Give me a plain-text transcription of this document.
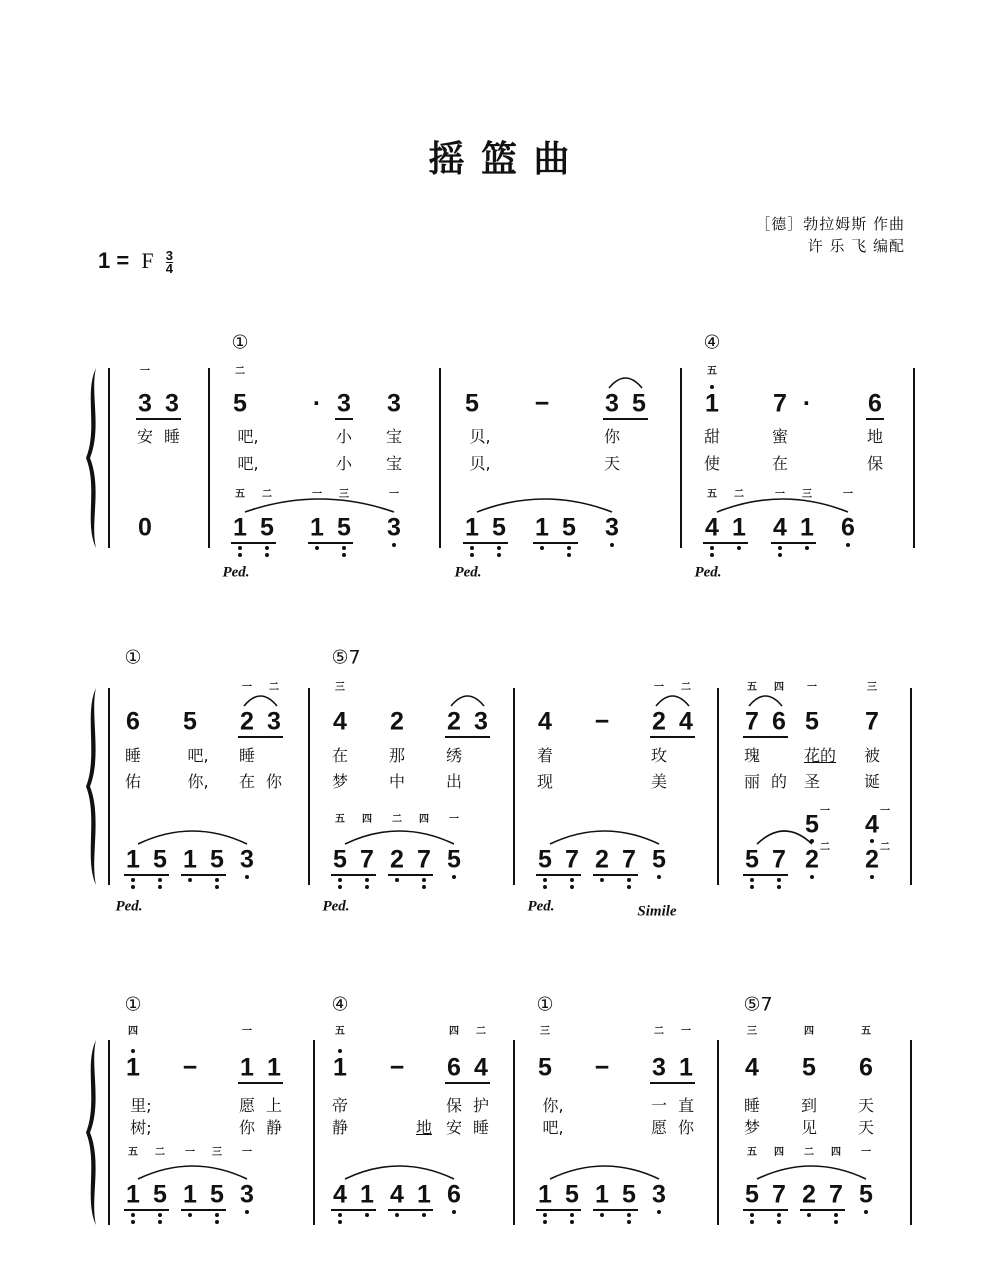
摇 篮 曲
［德］勃拉姆斯 作曲
许 乐 飞 编配
1 = F $\frac{3}{4}$
一
安 睡
3 3
0
①
二
五 二	一 三	一
吧,	小 宝
吧,	小 宝
5	· 3 3
1 5 1 5 3
Ped.
贝,	你
贝,	天
5 − 3 5
1 5 1 5 3
Ped.
④
五
五 二	一 三	一
甜	蜜	地
使	在	保
1 7 · 6
4 1 4 1 6
Ped.
①
一 二
睡	吧, 睡
佑	你, 在 你
6 5 2 3
1 5 1 5 3
Ped.
⑤7
三
五 四 二 四 一
在	那	绣
梦	中	出
4 2 2 3
5 7 2 7 5
Ped.
一 二
着	玫
现	美
4 − 2 4
5 7 2 7 5
Ped.	Simile
五 四 一	三
瑰	花的 被
丽 的 圣	诞
7 6 5 7
5 7 2
5 一
二 2
4 一
二
①
四	一
五 二 一 三 一
里;	愿 上
树;	你 静
1 − 1 1
1 5 1 5 3
④
五	四 二
帝	保 护
静	地 安 睡
1 − 6 4
4 1 4 1 6
①
三	二 一
你,	一 直
吧,	愿 你
5 − 3 1
1 5 1 5 3
⑤7
三	四	五
五 四 二 四 一
睡	到	天
梦	见	天
4 5 6
5 7 2 7 5
